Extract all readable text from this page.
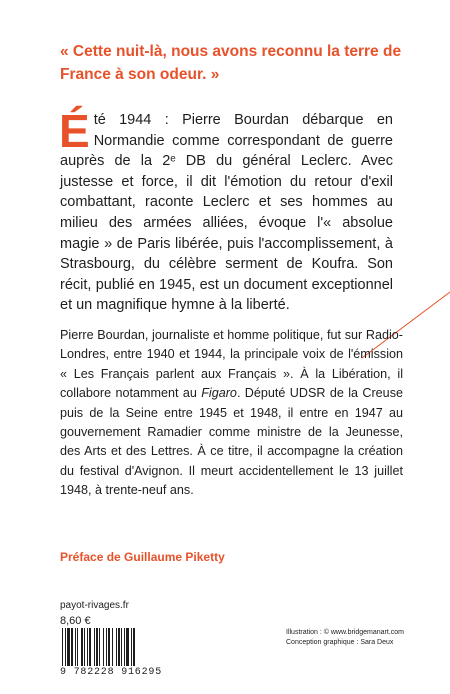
« Cette nuit-là, nous avons reconnu la terre de France à son odeur. »

Été 1944 : Pierre Bourdan débarque en Normandie comme correspondant de guerre auprès de la 2ᵉ DB du général Leclerc. Avec justesse et force, il dit l'émotion du retour d'exil combattant, raconte Leclerc et ses hommes au milieu des armées alliées, évoque l'« absolue magie » de Paris libérée, puis l'accomplissement, à Strasbourg, du célèbre serment de Koufra. Son récit, publié en 1945, est un document exceptionnel et un magnifique hymne à la liberté.

Pierre Bourdan, journaliste et homme politique, fut sur Radio-Londres, entre 1940 et 1944, la principale voix de l'émission « Les Français parlent aux Français ». À la Libération, il collabore notamment au Figaro. Député UDSR de la Creuse puis de la Seine entre 1945 et 1948, il entre en 1947 au gouvernement Ramadier comme ministre de la Jeunesse, des Arts et des Lettres. À ce titre, il accompagne la création du festival d'Avignon. Il meurt accidentellement le 13 juillet 1948, à trente-neuf ans.

Préface de Guillaume Piketty

payot-rivages.fr
8,60 €
Illustration : © www.bridgemanart.com
Conception graphique : Sara Deux
9 782228 916295
